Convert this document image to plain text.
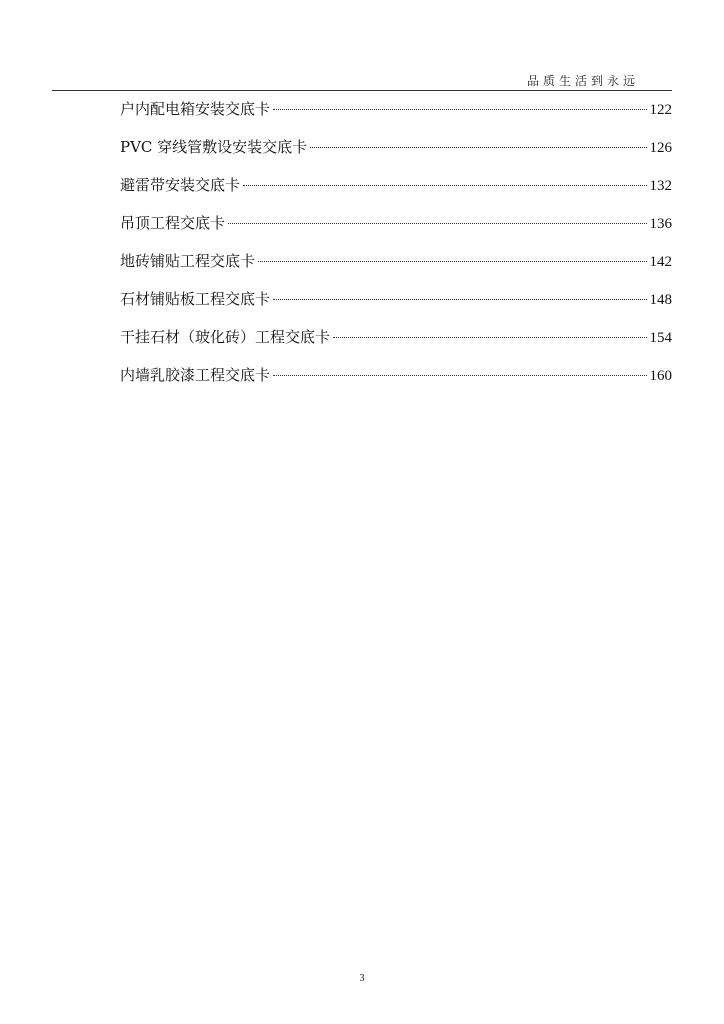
品质生活到永远
户内配电箱安装交底卡	122
PVC 穿线管敷设安装交底卡	126
避雷带安装交底卡	132
吊顶工程交底卡	136
地砖铺贴工程交底卡	142
石材铺贴板工程交底卡	148
干挂石材（玻化砖）工程交底卡	154
内墙乳胶漆工程交底卡	160
3
